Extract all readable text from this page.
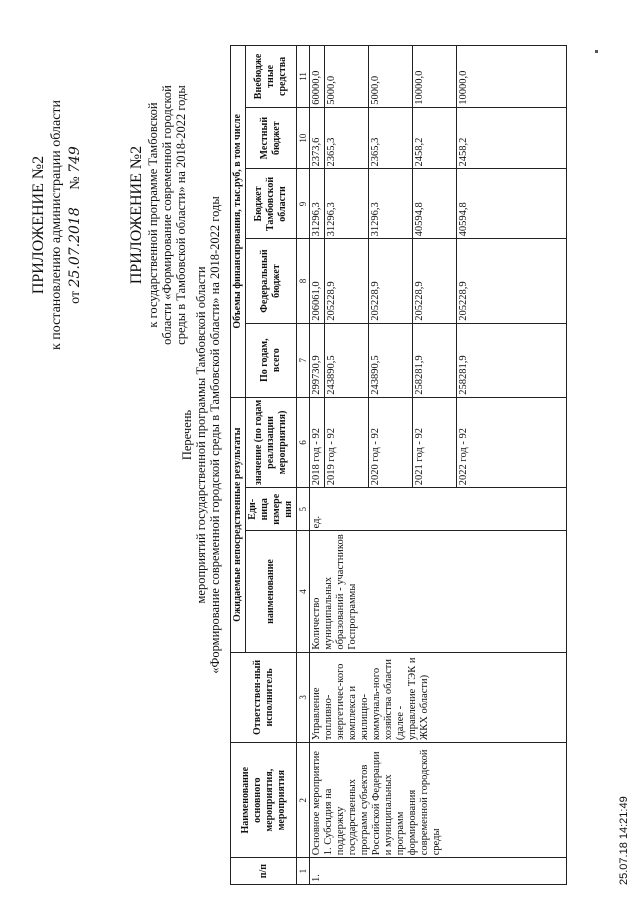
ПРИЛОЖЕНИЕ №2 к постановлению администрации области от 25.07.2018     № 749	ПРИЛОЖЕНИЕ №2 к государственной программе Тамбовской области «Формирование современной городской среды в Тамбовской области» на 2018-2022 годы
Перечень мероприятий государственной программы Тамбовской области «Формирование современной городской среды в Тамбовской области» на 2018-2022 годы
п/п	Наименование основного мероприятия, мероприятия	Ответствен-ный исполнитель	Ожидаемые непосредственные результаты			Объемы финансирования, тыс.руб, в том числе				
			наименование	Еди-ница измере ния	значение (по годам реализации мероприятия)	По годам, всего	Федеральный бюджет	Бюджет Тамбовской области	Местный бюджет	Внебюдже тные средства
1	2	3	4	5	6	7	8	9	10	11
1.	Основное мероприятие 1. Субсидия на поддержку государственных программ субъектов Российской Федерации и муниципальных программ формирования современной городской среды	Управление топливно-энергетичес-кого комплекса и жилищно-коммуналь-ного хозяйства области (далее - управление ТЭК и ЖКХ области)	Количество муниципальных образований - участников Госпрограммы	ед.	2018 год - 92	299730,9	206061,0	31296,3	2373,6	60000,0
					2019 год - 92	243890,5	205228,9	31296,3	2365,3	5000,0
					2020 год - 92	243890,5	205228,9	31296,3	2365,3	5000,0
					2021 год - 92	258281,9	205228,9	40594,8	2458,2	10000,0
					2022 год - 92	258281,9	205228,9	40594,8	2458,2	10000,0
25.07.18 14:21:49
